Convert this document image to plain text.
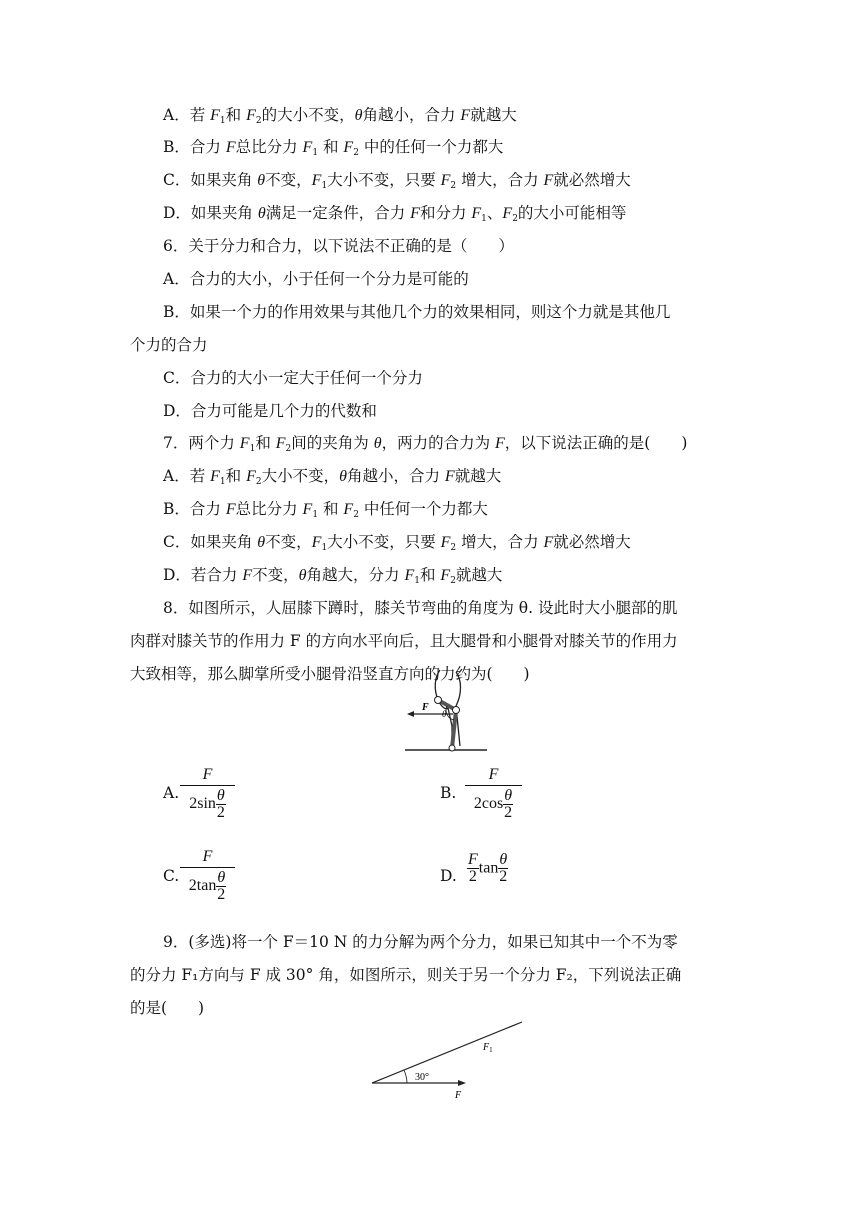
A．若 $F_1$和 $F_2$的大小不变，θ角越小，合力 F就越大
B．合力 F总比分力 $F_1$ 和 $F_2$ 中的任何一个力都大
C．如果夹角 θ不变，$F_1$大小不变，只要 $F_2$ 增大，合力 F就必然增大
D．如果夹角 θ满足一定条件，合力 F和分力 $F_1$、$F_2$的大小可能相等
6．关于分力和合力，以下说法不正确的是（　　）
A．合力的大小，小于任何一个分力是可能的
B．如果一个力的作用效果与其他几个力的效果相同，则这个力就是其他几
个力的合力
C．合力的大小一定大于任何一个分力
D．合力可能是几个力的代数和
7．两个力 $F_1$和 $F_2$间的夹角为 θ，两力的合力为 F，以下说法正确的是(　　)
A．若 $F_1$和 $F_2$大小不变，θ角越小，合力 F就越大
B．合力 F总比分力 $F_1$ 和 $F_2$ 中任何一个力都大
C．如果夹角 θ不变，$F_1$大小不变，只要 $F_2$ 增大，合力 F就必然增大
D．若合力 F不变，θ角越大，分力 $F_1$和 $F_2$就越大
8．如图所示，人屈膝下蹲时，膝关节弯曲的角度为 θ. 设此时大小腿部的肌
肉群对膝关节的作用力 F 的方向水平向后，且大腿骨和小腿骨对膝关节的作用力
大致相等，那么脚掌所受小腿骨沿竖直方向的力约为(　　)
F
θ
A.
F
$2\sin \frac{\theta}{2}$	B.
F
$2\cos \frac{\theta}{2}$
C.
F
$2\tan \frac{\theta}{2}$	D. $\frac{F}{2}$ $\tan \frac{\theta}{2}$
9．(多选)将一个 F＝10 N 的力分解为两个分力，如果已知其中一个不为零
的分力 F₁方向与 F 成 30° 角，如图所示，则关于另一个分力 F₂，下列说法正确
的是(　　)
$F_1$
30°
F
